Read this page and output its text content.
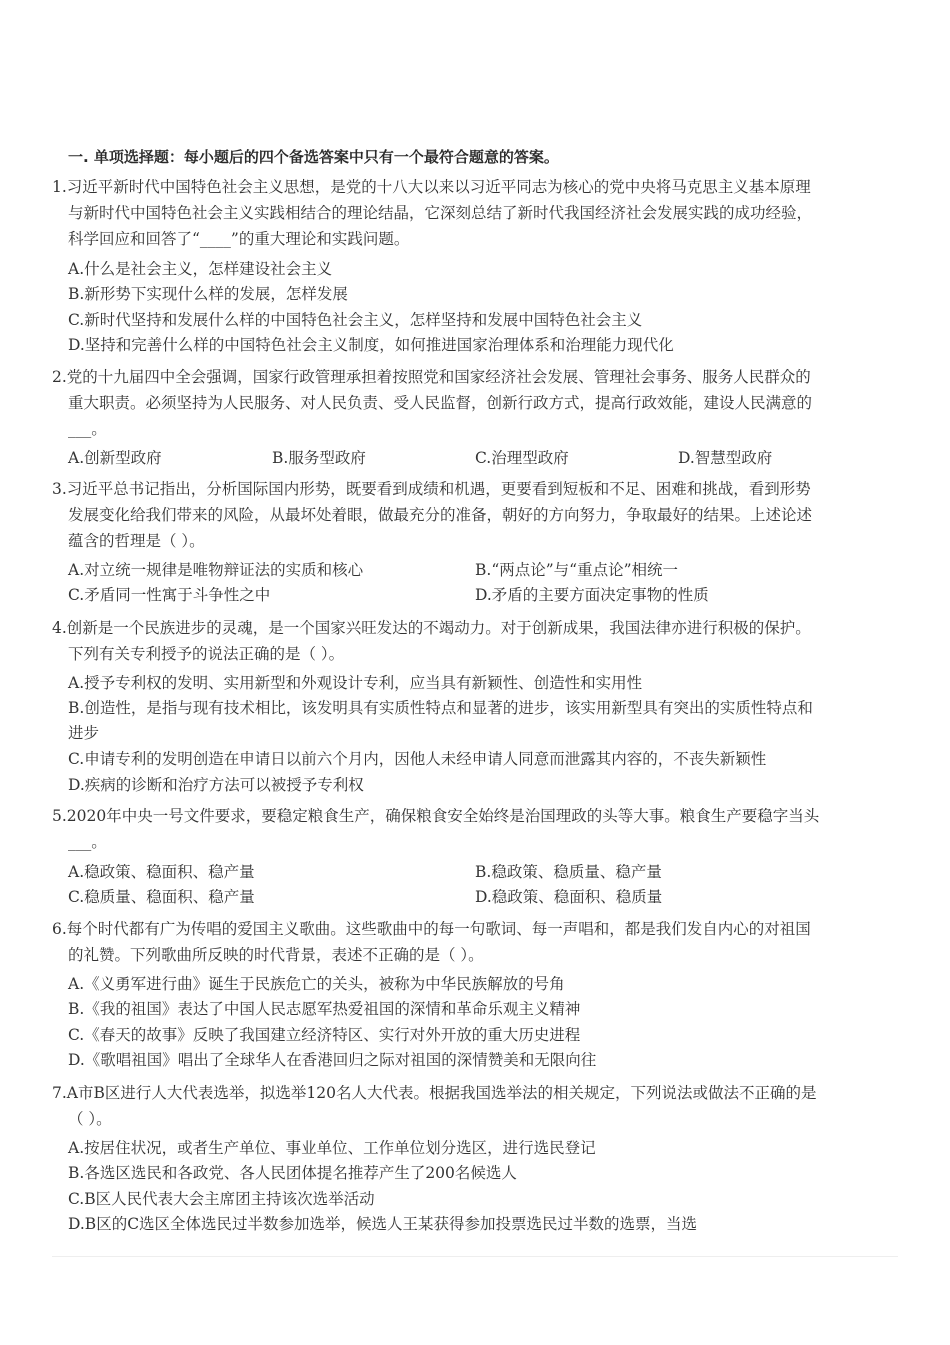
一. 单项选择题：每小题后的四个备选答案中只有一个最符合题意的答案。
1.习近平新时代中国特色社会主义思想，是党的十八大以来以习近平同志为核心的党中央将马克思主义基本原理
与新时代中国特色社会主义实践相结合的理论结晶，它深刻总结了新时代我国经济社会发展实践的成功经验，
科学回应和回答了“____”的重大理论和实践问题。
A.什么是社会主义，怎样建设社会主义
B.新形势下实现什么样的发展，怎样发展
C.新时代坚持和发展什么样的中国特色社会主义，怎样坚持和发展中国特色社会主义
D.坚持和完善什么样的中国特色社会主义制度，如何推进国家治理体系和治理能力现代化
2.党的十九届四中全会强调，国家行政管理承担着按照党和国家经济社会发展、管理社会事务、服务人民群众的
重大职责。必须坚持为人民服务、对人民负责、受人民监督，创新行政方式，提高行政效能，建设人民满意的
___。
A.创新型政府	B.服务型政府	C.治理型政府	D.智慧型政府
3.习近平总书记指出，分析国际国内形势，既要看到成绩和机遇，更要看到短板和不足、困难和挑战，看到形势
发展变化给我们带来的风险，从最坏处着眼，做最充分的准备，朝好的方向努力，争取最好的结果。上述论述
蕴含的哲理是（ ）。
A.对立统一规律是唯物辩证法的实质和核心	B.“两点论”与“重点论”相统一
C.矛盾同一性寓于斗争性之中	D.矛盾的主要方面决定事物的性质
4.创新是一个民族进步的灵魂，是一个国家兴旺发达的不竭动力。对于创新成果，我国法律亦进行积极的保护。
下列有关专利授予的说法正确的是（ ）。
A.授予专利权的发明、实用新型和外观设计专利，应当具有新颖性、创造性和实用性
B.创造性，是指与现有技术相比，该发明具有实质性特点和显著的进步，该实用新型具有突出的实质性特点和
进步
C.申请专利的发明创造在申请日以前六个月内，因他人未经申请人同意而泄露其内容的，不丧失新颖性
D.疾病的诊断和治疗方法可以被授予专利权
5.2020年中央一号文件要求，要稳定粮食生产，确保粮食安全始终是治国理政的头等大事。粮食生产要稳字当头
___。
A.稳政策、稳面积、稳产量	B.稳政策、稳质量、稳产量
C.稳质量、稳面积、稳产量	D.稳政策、稳面积、稳质量
6.每个时代都有广为传唱的爱国主义歌曲。这些歌曲中的每一句歌词、每一声唱和，都是我们发自内心的对祖国
的礼赞。下列歌曲所反映的时代背景，表述不正确的是（ ）。
A.《义勇军进行曲》诞生于民族危亡的关头，被称为中华民族解放的号角
B.《我的祖国》表达了中国人民志愿军热爱祖国的深情和革命乐观主义精神
C.《春天的故事》反映了我国建立经济特区、实行对外开放的重大历史进程
D.《歌唱祖国》唱出了全球华人在香港回归之际对祖国的深情赞美和无限向往
7.A市B区进行人大代表选举，拟选举120名人大代表。根据我国选举法的相关规定，下列说法或做法不正确的是
（ ）。
A.按居住状况，或者生产单位、事业单位、工作单位划分选区，进行选民登记
B.各选区选民和各政党、各人民团体提名推荐产生了200名候选人
C.B区人民代表大会主席团主持该次选举活动
D.B区的C选区全体选民过半数参加选举，候选人王某获得参加投票选民过半数的选票，当选
